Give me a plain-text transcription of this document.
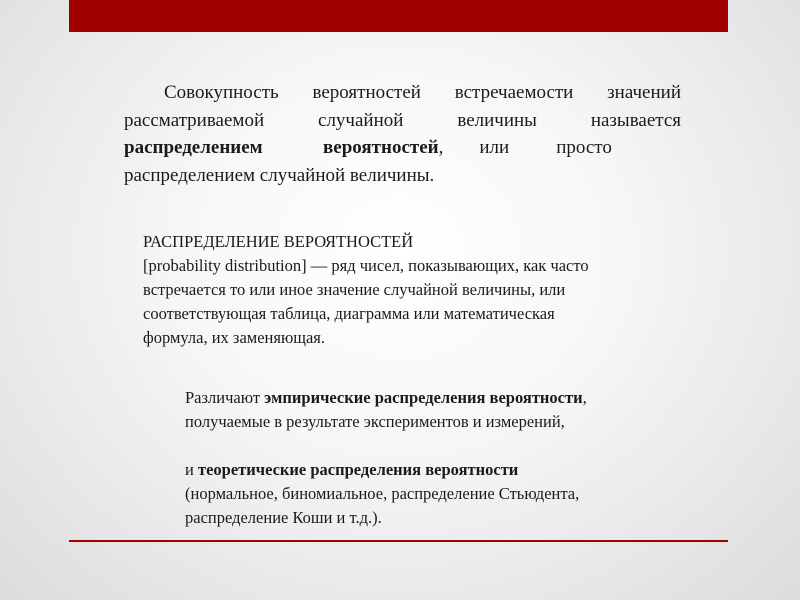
Совокупность вероятностей встречаемости значений
рассматриваемой	случайной	величины	называется
распределением	вероятностей , или просто
распределением случайной величины.
РАСПРЕДЕЛЕНИЕ ВЕРОЯТНОСТЕЙ
[probability distribution] — ряд чисел, показывающих, как часто
встречается то или иное значение случайной величины, или
соответствующая таблица, диаграмма или математическая
формула, их заменяющая.
Различают эмпирические распределения вероятности,
получаемые в результате экспериментов и измерений,
и теоретические распределения вероятности
(нормальное, биномиальное, распределение Стьюдента,
распределение Коши и т.д.).
